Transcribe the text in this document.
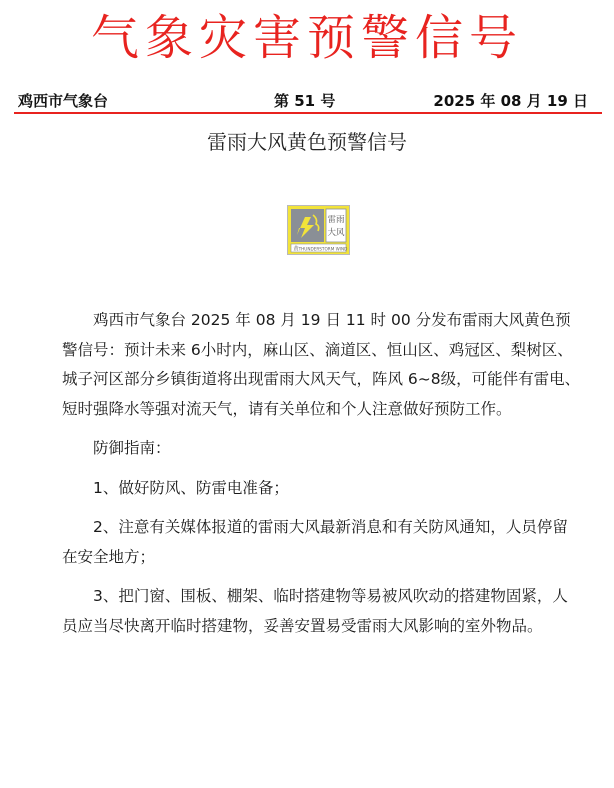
气象灾害预警信号
鸡西市气象台	第 51 号	2025 年 08 月 19 日
雷雨大风黄色预警信号
雷雨
大风
黄 THUNDERSTORM WIND

鸡西市气象台 2025 年 08 月 19 日 11 时 00 分发布雷雨大风黄色预警信号：预计未来 6小时内，麻山区、滴道区、恒山区、鸡冠区、梨树区、城子河区部分乡镇街道将出现雷雨大风天气，阵风 6~8级，可能伴有雷电、短时强降水等强对流天气，请有关单位和个人注意做好预防工作。

防御指南：

1、做好防风、防雷电准备；

2、注意有关媒体报道的雷雨大风最新消息和有关防风通知，人员停留在安全地方；

3、把门窗、围板、棚架、临时搭建物等易被风吹动的搭建物固紧，人员应当尽快离开临时搭建物，妥善安置易受雷雨大风影响的室外物品。
